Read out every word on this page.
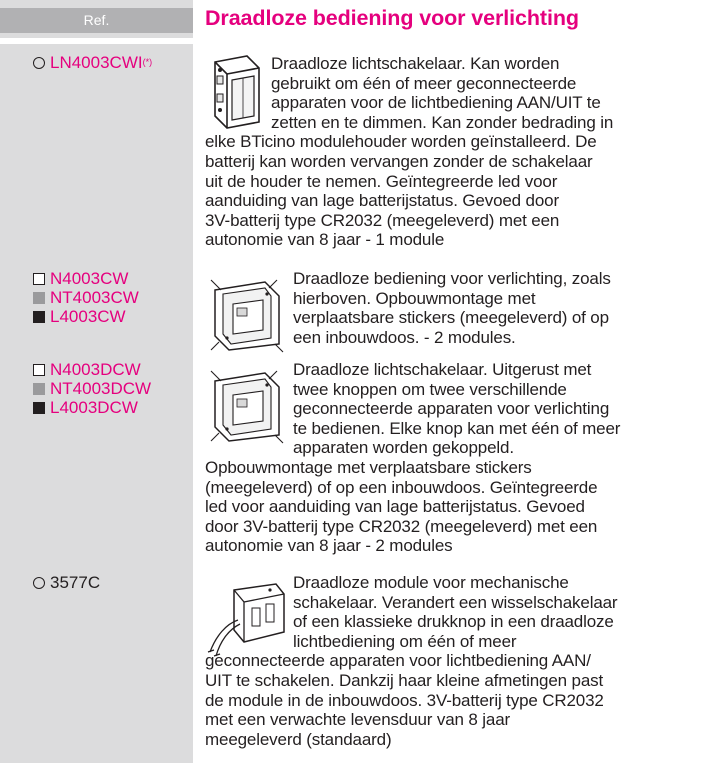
Ref.
LN4003CWI (*)
N4003CW
NT4003CW
L4003CW
N4003DCW
NT4003DCW
L4003DCW
3577C
Draadloze bediening voor verlichting
Draadloze lichtschakelaar. Kan worden
gebruikt om één of meer geconnecteerde
apparaten voor de lichtbediening AAN/UIT te
zetten en te dimmen. Kan zonder bedrading in
elke BTicino modulehouder worden geïnstalleerd. De
batterij kan worden vervangen zonder de schakelaar
uit de houder te nemen. Geïntegreerde led voor
aanduiding van lage batterijstatus. Gevoed door
3V-batterij type CR2032 (meegeleverd) met een
autonomie van 8 jaar - 1 module
Draadloze bediening voor verlichting, zoals
hierboven. Opbouwmontage met
verplaatsbare stickers (meegeleverd) of op
een inbouwdoos. - 2 modules.
Draadloze lichtschakelaar. Uitgerust met
twee knoppen om twee verschillende
geconnecteerde apparaten voor verlichting
te bedienen. Elke knop kan met één of meer
apparaten worden gekoppeld.
Opbouwmontage met verplaatsbare stickers
(meegeleverd) of op een inbouwdoos. Geïntegreerde
led voor aanduiding van lage batterijstatus. Gevoed
door 3V-batterij type CR2032 (meegeleverd) met een
autonomie van 8 jaar - 2 modules
Draadloze module voor mechanische
schakelaar. Verandert een wisselschakelaar
of een klassieke drukknop in een draadloze
lichtbediening om één of meer
geconnecteerde apparaten voor lichtbediening AAN/
UIT te schakelen. Dankzij haar kleine afmetingen past
de module in de inbouwdoos. 3V-batterij type CR2032
met een verwachte levensduur van 8 jaar
meegeleverd (standaard)
